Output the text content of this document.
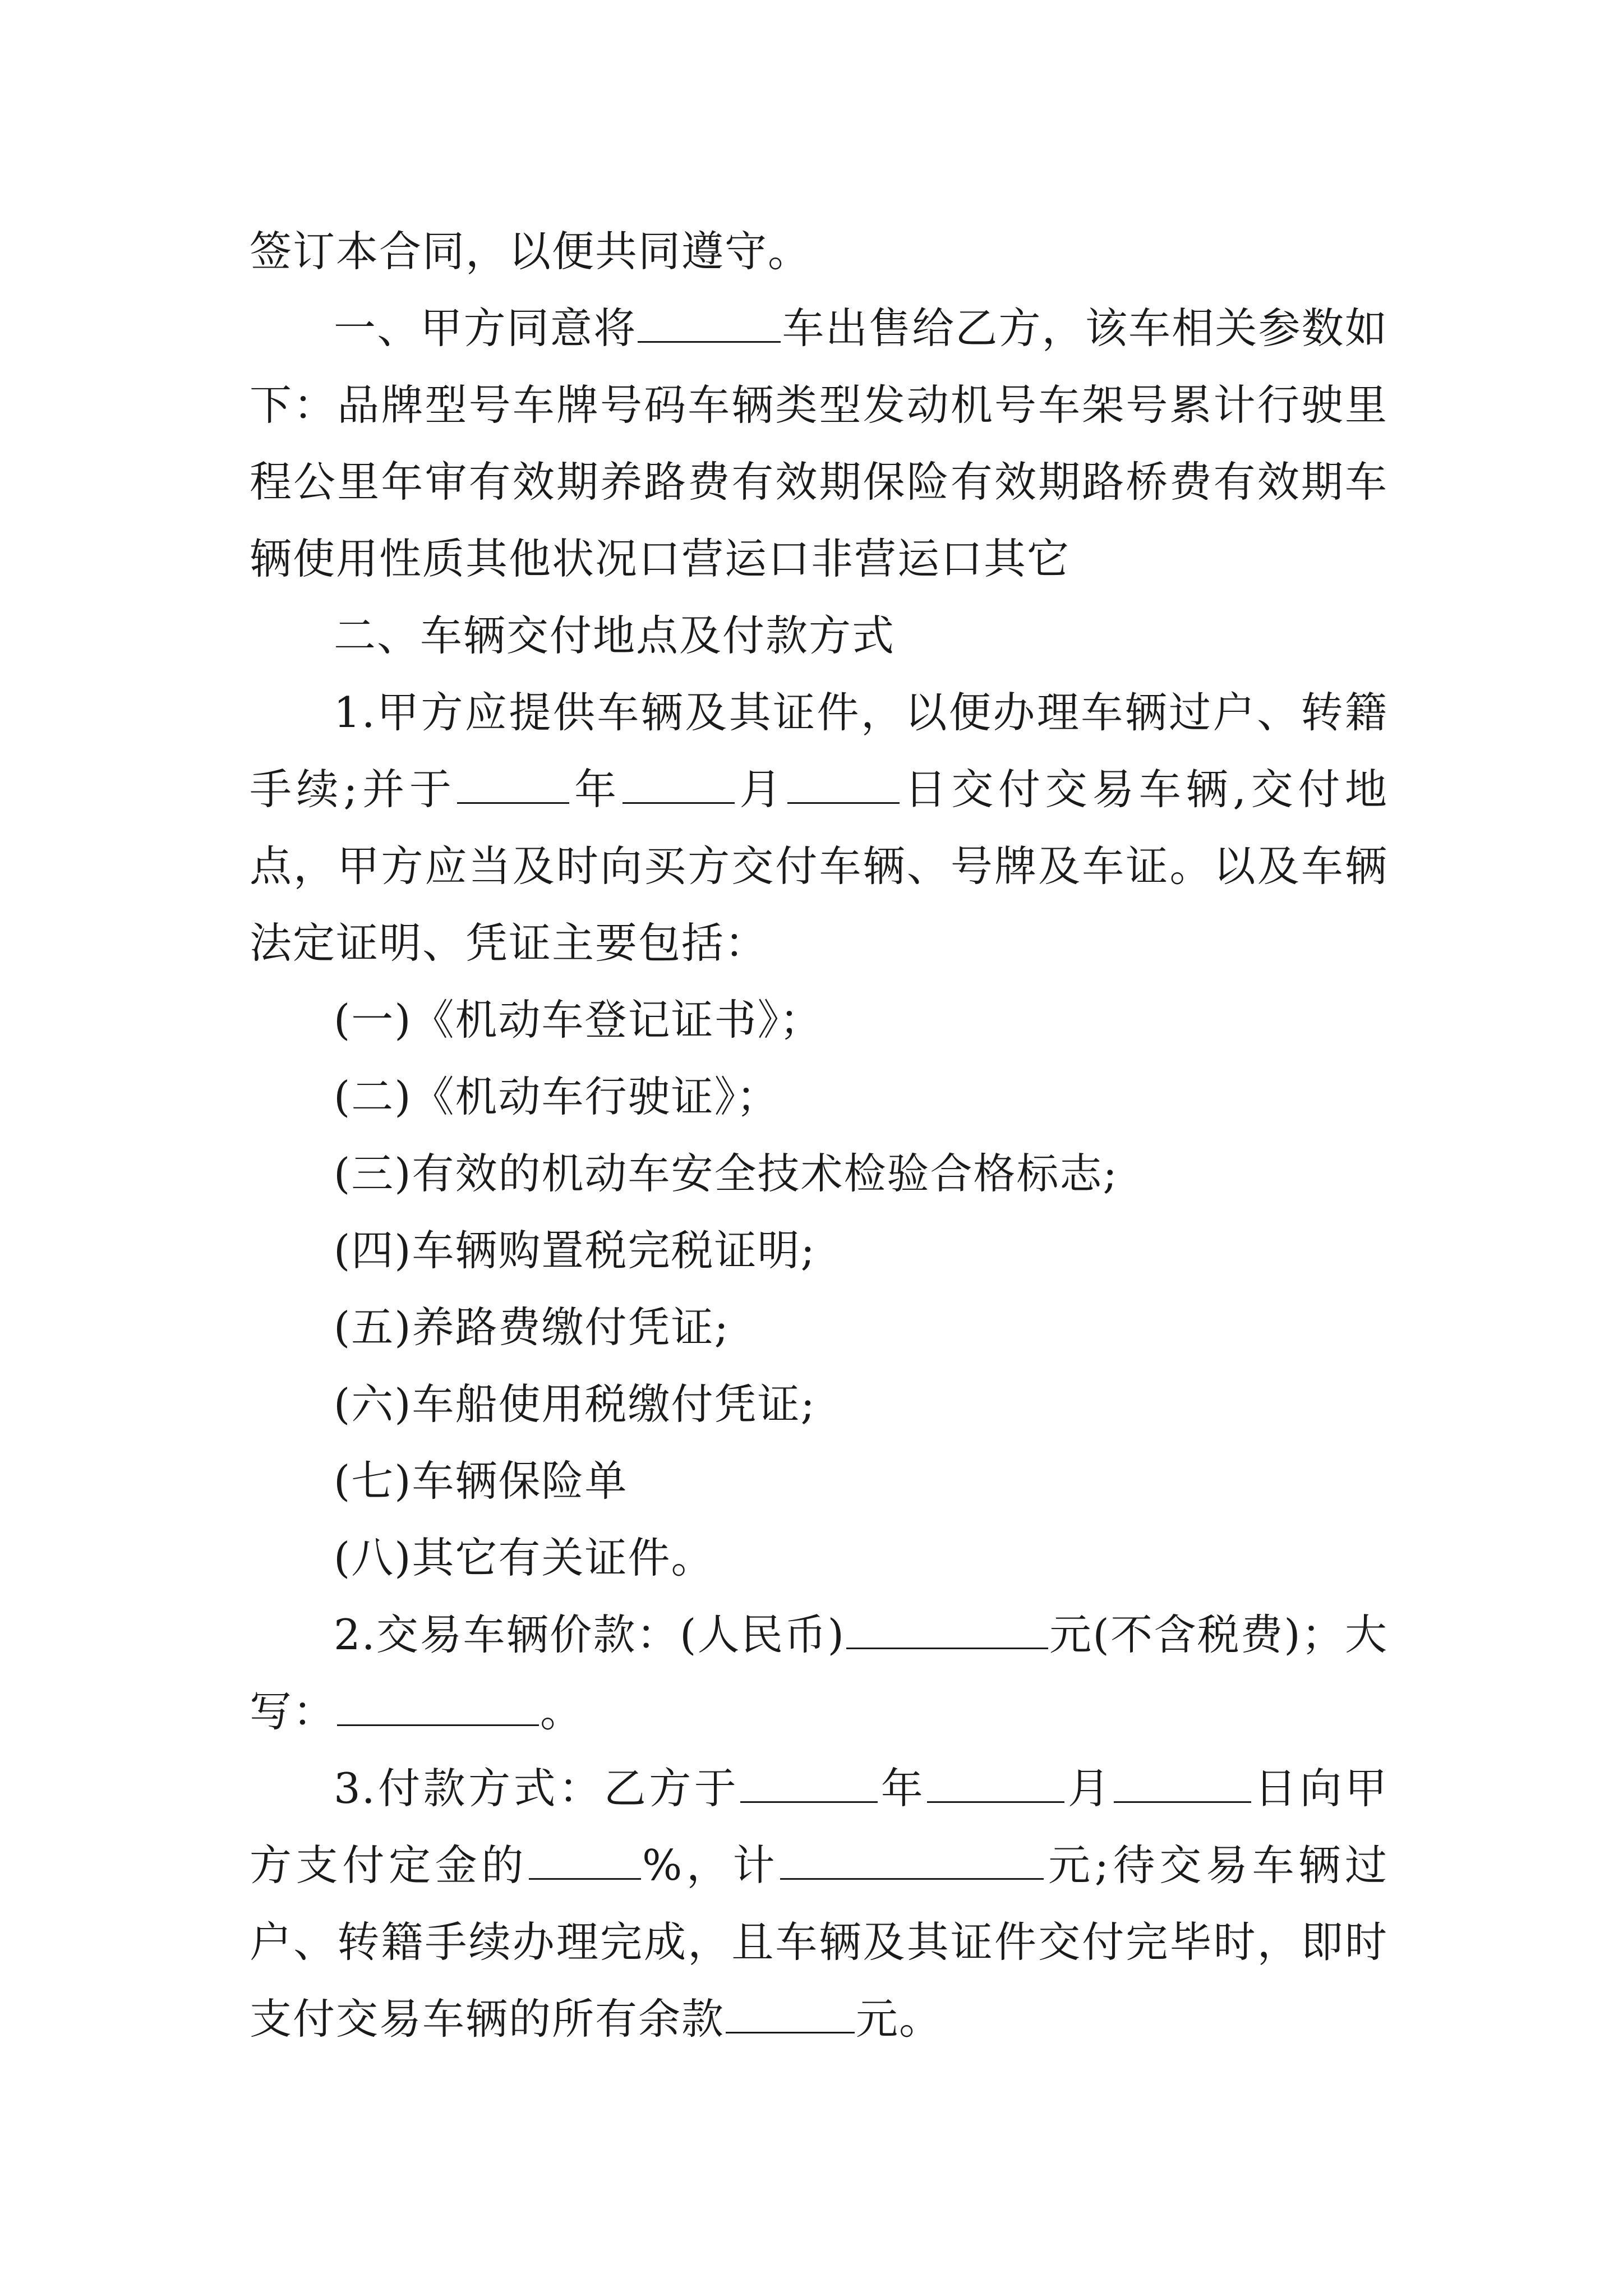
签订本合同，以便共同遵守。

一、甲方同意将	车出售给乙方，该车相关参数如下：品牌型号车牌号码车辆类型发动机号车架号累计行驶里程公里年审有效期养路费有效期保险有效期路桥费有效期车辆使用性质其他状况口营运口非营运口其它

二、车辆交付地点及付款方式

1.甲方应提供车辆及其证件，以便办理车辆过户、转籍手续;并于	年	月	日交付交易车辆,交付地点，甲方应当及时向买方交付车辆、号牌及车证。以及车辆法定证明、凭证主要包括：

(一)《机动车登记证书》；

(二)《机动车行驶证》；

(三)有效的机动车安全技术检验合格标志;

(四)车辆购置税完税证明;

(五)养路费缴付凭证;

(六)车船使用税缴付凭证;

(七)车辆保险单

(八)其它有关证件。

2.交易车辆价款：(人民币)	元(不含税费)；大写：	。

3.付款方式：乙方于	年	月	日向甲方支付定金的	%，计	元;待交易车辆过户、转籍手续办理完成，且车辆及其证件交付完毕时，即时支付交易车辆的所有余款	元。
